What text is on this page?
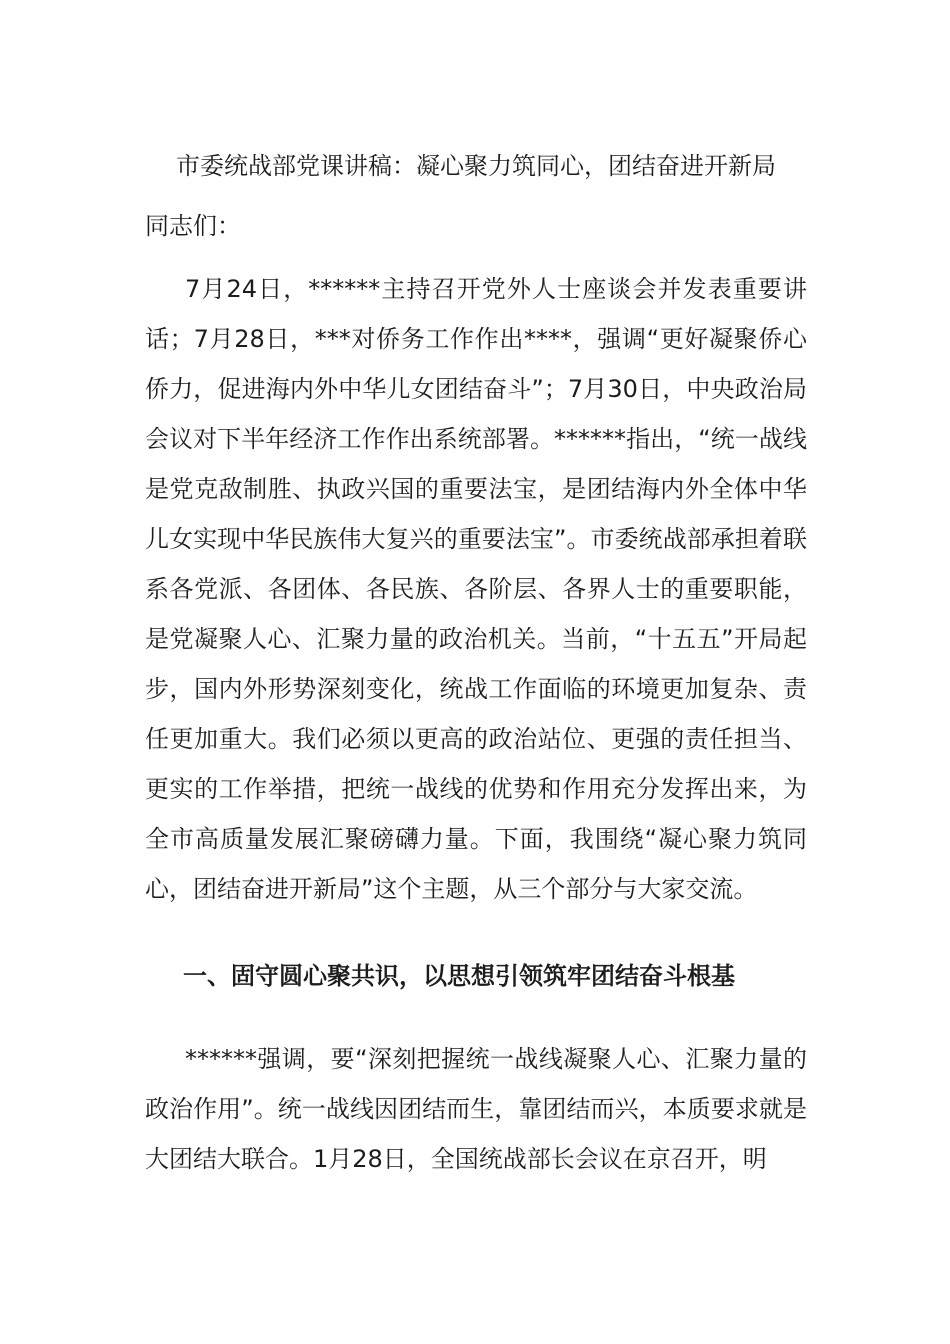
市委统战部党课讲稿：凝心聚力筑同心，团结奋进开新局
同志们：
7月24日，******主持召开党外人士座谈会并发表重要讲话；7月28日，***对侨务工作作出****，强调“更好凝聚侨心侨力，促进海内外中华儿女团结奋斗”；7月30日，中央政治局会议对下半年经济工作作出系统部署。******指出，“统一战线是党克敌制胜、执政兴国的重要法宝，是团结海内外全体中华儿女实现中华民族伟大复兴的重要法宝”。市委统战部承担着联系各党派、各团体、各民族、各阶层、各界人士的重要职能，是党凝聚人心、汇聚力量的政治机关。当前，“十五五”开局起步，国内外形势深刻变化，统战工作面临的环境更加复杂、责任更加重大。我们必须以更高的政治站位、更强的责任担当、更实的工作举措，把统一战线的优势和作用充分发挥出来，为全市高质量发展汇聚磅礴力量。下面，我围绕“凝心聚力筑同心，团结奋进开新局”这个主题，从三个部分与大家交流。
一、固守圆心聚共识，以思想引领筑牢团结奋斗根基
******强调，要“深刻把握统一战线凝聚人心、汇聚力量的政治作用”。统一战线因团结而生，靠团结而兴，本质要求就是大团结大联合。1月28日，全国统战部长会议在京召开，明
